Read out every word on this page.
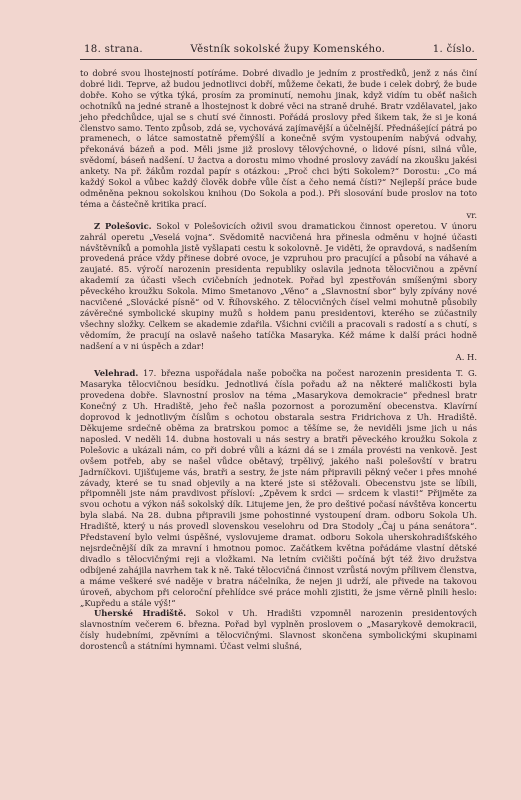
18. strana.	Věstník sokolské župy Komenského.	1. číslo.

to dobré svou lhostejností potíráme. Dobré divadlo je jedním z prostředků, jenž z nás činí dobré lidi. Teprve, až budou jednotlivci dobří, můžeme čekati, že bude i celek dobrý, že bude dobře. Koho se výtka týká, prosím za prominutí, nemohu jinak, když vidím tu oběť našich ochotníků na jedné straně a lhostejnost k dobré věci na straně druhé. Bratr vzdělavatel, jako jeho předchůdce, ujal se s chutí své činnosti. Pořádá proslovy před šikem tak, že si je koná členstvo samo. Tento způsob, zdá se, vychovává zajímavější a účelnější. Přednášející pátrá po pramenech, o látce samostatně přemýšlí a konečně svým vystoupením nabývá odvahy, překonává bázeň a pod. Měli jsme již proslovy tělovýchovné, o lidové písni, silná vůle, svědomí, báseň nadšení. U žactva a dorostu mimo vhodné proslovy zavádí na zkoušku jakési ankety. Na př. žákům rozdal papír s otázkou: „Proč chci býti Sokolem?“ Dorostu: „Co má každý Sokol a vůbec každý člověk dobře vůle číst a čeho nemá čísti?“ Nejlepší práce bude odměněna peknou sokolskou knihou (Do Sokola a pod.). Při slosování bude proslov na toto téma a částečně kritika prací.

vr.

Z Polešovic. Sokol v Polešovicích oživil svou dramatickou činnost operetou. V únoru zahrál operetu „Veselá vojna“. Svědomitě nacvičená hra přinesla odměnu v hojné účasti návštěvníků a pomohla jistě vyšlapati cestu k sokolovně. Je viděti, že opravdová, s nadšením provedená práce vždy přinese dobré ovoce, je vzpruhou pro pracující a působí na váhavé a zaujaté. 85. výročí narozenin presidenta republiky oslavila jednota tělocvičnou a zpěvní akademií za účasti všech cvičebních jednotek. Pořad byl zpestřován smíšenými sbory pěveckého kroužku Sokola. Mimo Smetanovo „Věno“ a „Slavnostní sbor“ byly zpívány nové nacvičené „Slovácké písně“ od V. Říhovského. Z tělocvičných čísel velmi mohutně působily závěrečné symbolické skupiny mužů s hołdem panu presidentovi, kterého se zúčastnily všechny složky. Celkem se akademie zdařila. Všichni cvičili a pracovali s radostí a s chutí, s vědomím, že pracují na oslavě našeho tatíčka Masaryka. Kéž máme k další práci hodně nadšení a v ni úspěch a zdar!

A. H.

Velehrad. 17. března uspořádala naše pobočka na počest narozenin presidenta T. G. Masaryka tělocvičnou besídku. Jednotlivá čísla pořadu až na některé maličkosti byla provedena dobře. Slavnostní proslov na téma „Masarykova demokracie“ přednesl bratr Konečný z Uh. Hradiště, jeho řeč našla pozornost a porozumění obecenstva. Klavírní doprovod k jednotlivým číslům s ochotou obstarala sestra Fridrichova z Uh. Hradiště. Děkujeme srdečně oběma za bratrskou pomoc a těšíme se, že neviděli jsme jich u nás naposled. V neděli 14. dubna hostovali u nás sestry a bratři pěveckého kroužku Sokola z Polešovic a ukázali nám, co při dobré vůli a kázni dá se i zmála provésti na venkově. Jest ovšem potřeb, aby se našel vůdce obětavý, trpělivý, jakého naši polešovští v bratru Jadrníčkovi. Ujišťujeme vás, bratři a sestry, že jste nám připravili pěkný večer i přes mnohé závady, které se tu snad objevily a na které jste si stěžovali. Obecenstvu jste se líbili, připomněli jste nám pravdivost přísloví: „Zpěvem k srdci — srdcem k vlasti!“ Přijměte za svou ochotu a výkon náš sokolský dík. Litujeme jen, že pro deštivé počasí návštěva koncertu byla slabá. Na 28. dubna připravili jsme pohostinné vystoupení dram. odboru Sokola Uh. Hradiště, který u nás provedl slovenskou veselohru od Dra Stodoly „Čaj u pána senátora“. Představení bylo velmi úspěšné, vyslovujeme dramat. odboru Sokola uherskohradišťského nejsrdečnější dík za mravní i hmotnou pomoc. Začátkem května pořádáme vlastní dětské divadlo s tělocvičnými reji a vložkami. Na letním cvičišti počíná být též živo družstva odbíjené zahájila navrhem tak k ně. Také tělocvičná činnost vzrůstá novým přílivem členstva, a máme veškeré své naděje v bratra náčelníka, že nejen ji udrží, ale přivede na takovou úroveň, abychom při celoroční přehlídce své práce mohli zjistiti, že jsme věrně plnili heslo: „Kupředu a stále výš!“

Uherské Hradiště. Sokol v Uh. Hradišti vzpomněl narozenin presidentových slavnostním večerem 6. března. Pořad byl vyplněn proslovem o „Masarykově demokracii, čísly hudebními, zpěvními a tělocvičnými. Slavnost skončena symbolickými skupinami dorostenců a státními hymnami. Účast velmi slušná,
